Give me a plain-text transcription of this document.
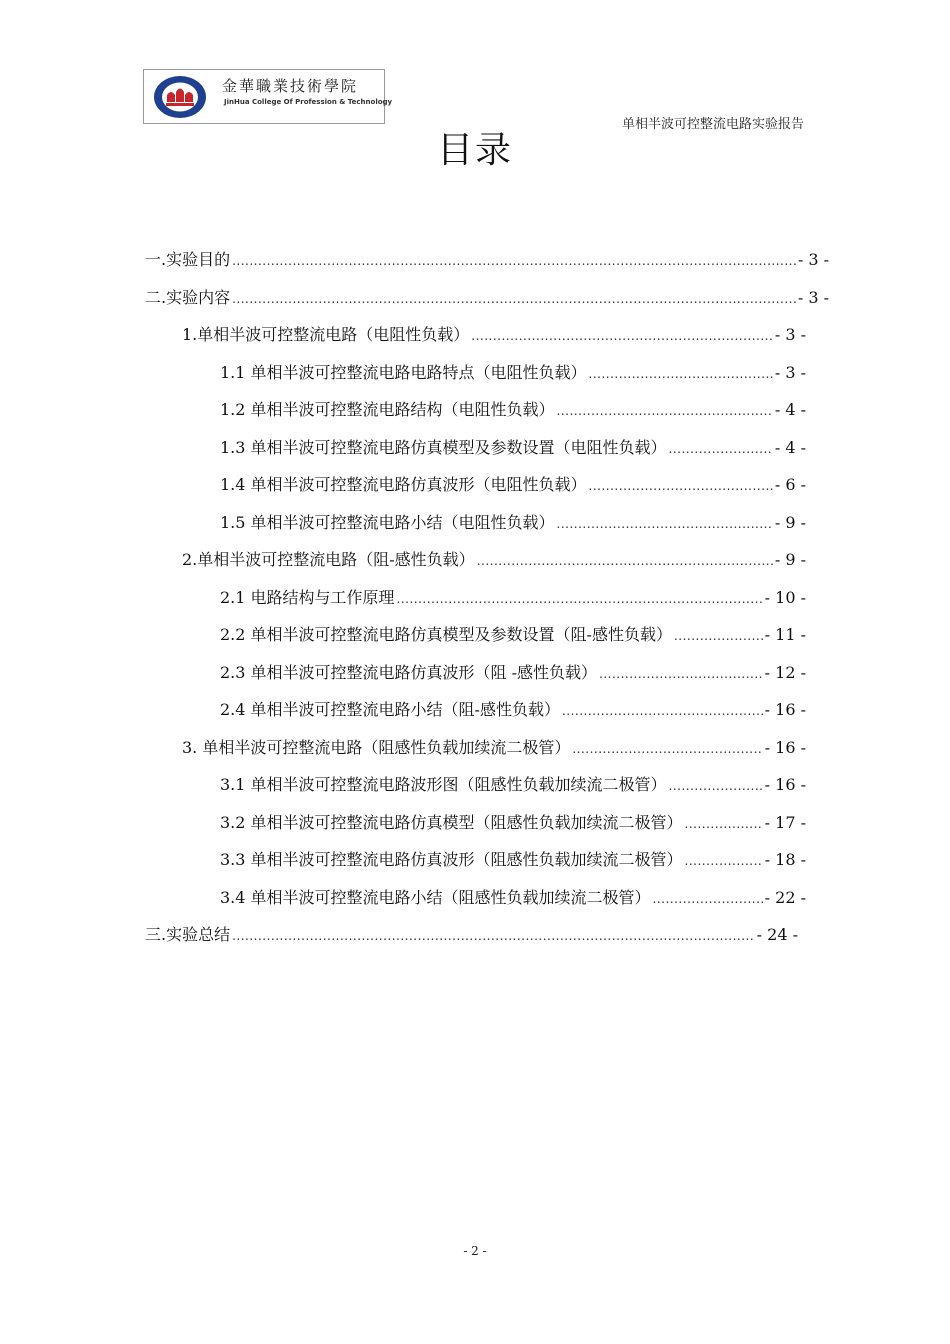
金華職業技術學院
JinHua College Of Profession & Technology
单相半波可控整流电路实验报告
目录
一.实验目的 .....	- 3 -
二.实验内容 .....	- 3 -
1.单相半波可控整流电路（电阻性负载） .....	- 3 -
1.1 单相半波可控整流电路电路特点（电阻性负载） .....	- 3 -
1.2 单相半波可控整流电路结构（电阻性负载） .....	- 4 -
1.3 单相半波可控整流电路仿真模型及参数设置（电阻性负载） .....	- 4 -
1.4 单相半波可控整流电路仿真波形（电阻性负载） .....	- 6 -
1.5 单相半波可控整流电路小结（电阻性负载） .....	- 9 -
2.单相半波可控整流电路（阻-感性负载） .....	- 9 -
2.1 电路结构与工作原理 .....	- 10 -
2.2 单相半波可控整流电路仿真模型及参数设置（阻-感性负载） .....	- 11 -
2.3 单相半波可控整流电路仿真波形（阻 -感性负载） .....	- 12 -
2.4 单相半波可控整流电路小结（阻-感性负载） .....	- 16 -
3. 单相半波可控整流电路（阻感性负载加续流二极管） .....	- 16 -
3.1 单相半波可控整流电路波形图（阻感性负载加续流二极管） .....	- 16 -
3.2 单相半波可控整流电路仿真模型（阻感性负载加续流二极管） .....	- 17 -
3.3 单相半波可控整流电路仿真波形（阻感性负载加续流二极管） .....	- 18 -
3.4 单相半波可控整流电路小结（阻感性负载加续流二极管） .....	- 22 -
三.实验总结 .....	- 24 -
- 2 -
